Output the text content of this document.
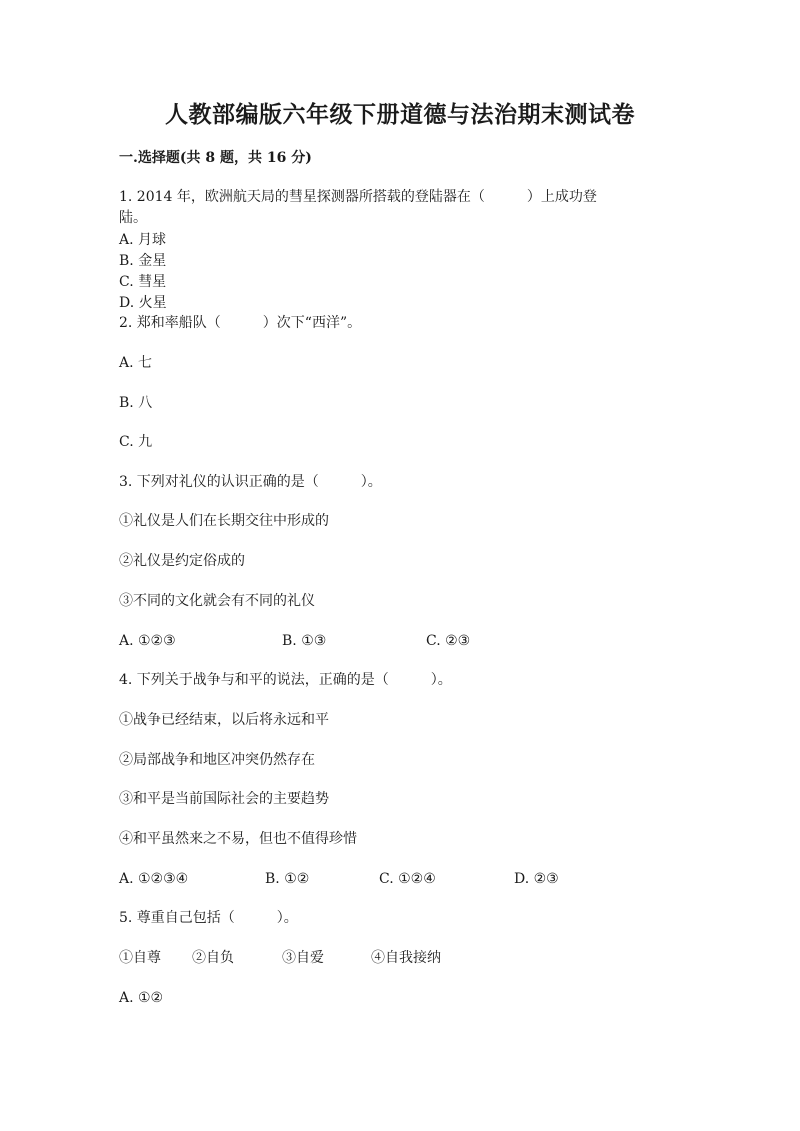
人教部编版六年级下册道德与法治期末测试卷

一.选择题(共 8 题，共 16 分)

1. 2014 年，欧洲航天局的彗星探测器所搭载的登陆器在（　　　）上成功登

陆。

A. 月球

B. 金星

C. 彗星

D. 火星

2. 郑和率船队（　　　）次下“西洋”。

A. 七

B. 八

C. 九

3. 下列对礼仪的认识正确的是（　　　）。

①礼仪是人们在长期交往中形成的

②礼仪是约定俗成的

③不同的文化就会有不同的礼仪

A. ①②③	B. ①③	C. ②③

4. 下列关于战争与和平的说法，正确的是（　　　）。

①战争已经结束，以后将永远和平

②局部战争和地区冲突仍然存在

③和平是当前国际社会的主要趋势

④和平虽然来之不易，但也不值得珍惜

A. ①②③④	B. ①②	C. ①②④	D. ②③

5. 尊重自己包括（　　　）。

①自尊 ②自负	③自爱	④自我接纳

A. ①②
